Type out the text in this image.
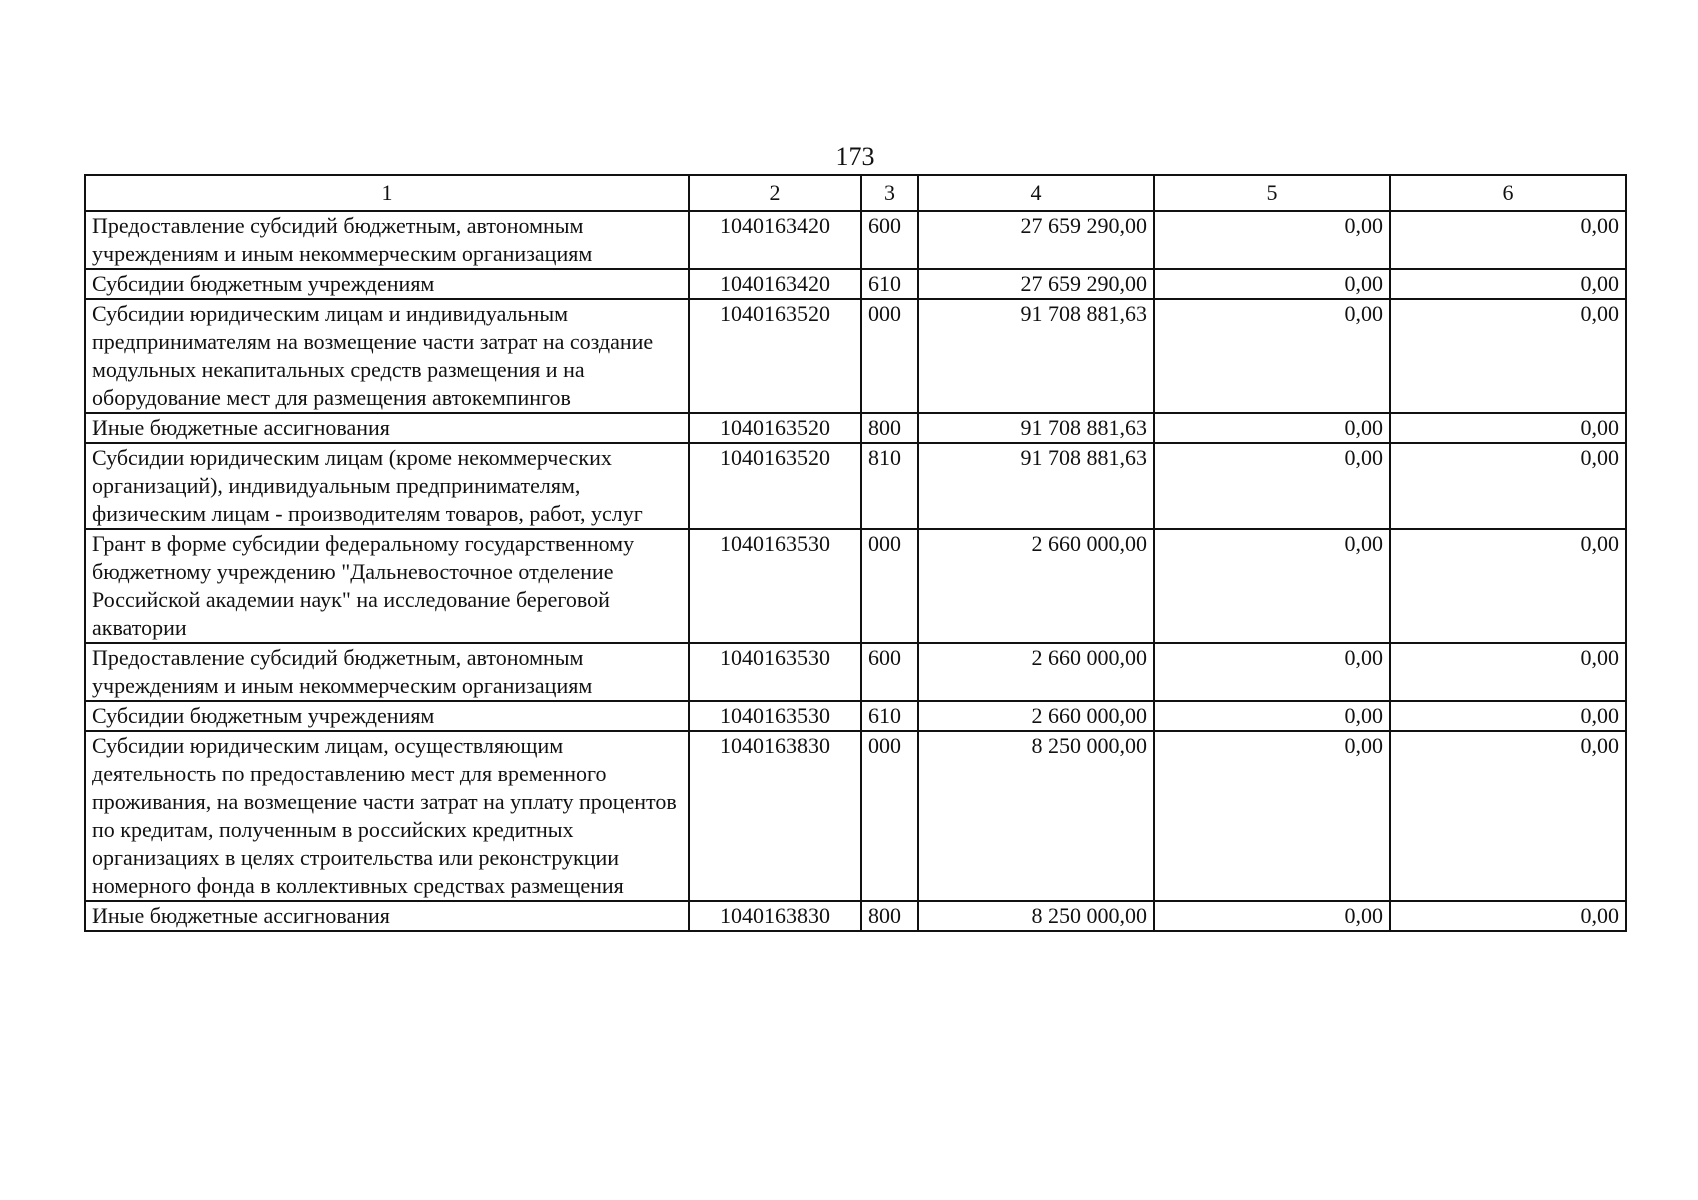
173
1	2	3	4	5	6
Предоставление субсидий бюджетным, автономным учреждениям и иным некоммерческим организациям	1040163420	600	27 659 290,00	0,00	0,00
Субсидии бюджетным учреждениям	1040163420	610	27 659 290,00	0,00	0,00
Субсидии юридическим лицам и индивидуальным предпринимателям на возмещение части затрат на создание модульных некапитальных средств размещения и на оборудование мест для размещения автокемпингов	1040163520	000	91 708 881,63	0,00	0,00
Иные бюджетные ассигнования	1040163520	800	91 708 881,63	0,00	0,00
Субсидии юридическим лицам (кроме некоммерческих организаций), индивидуальным предпринимателям, физическим лицам - производителям товаров, работ, услуг	1040163520	810	91 708 881,63	0,00	0,00
Грант в форме субсидии федеральному государственному бюджетному учреждению "Дальневосточное отделение Российской академии наук" на исследование береговой акватории	1040163530	000	2 660 000,00	0,00	0,00
Предоставление субсидий бюджетным, автономным учреждениям и иным некоммерческим организациям	1040163530	600	2 660 000,00	0,00	0,00
Субсидии бюджетным учреждениям	1040163530	610	2 660 000,00	0,00	0,00
Субсидии юридическим лицам, осуществляющим деятельность по предоставлению мест для временного проживания, на возмещение части затрат на уплату процентов по кредитам, полученным в российских кредитных организациях в целях строительства или реконструкции номерного фонда в коллективных средствах размещения	1040163830	000	8 250 000,00	0,00	0,00
Иные бюджетные ассигнования	1040163830	800	8 250 000,00	0,00	0,00
